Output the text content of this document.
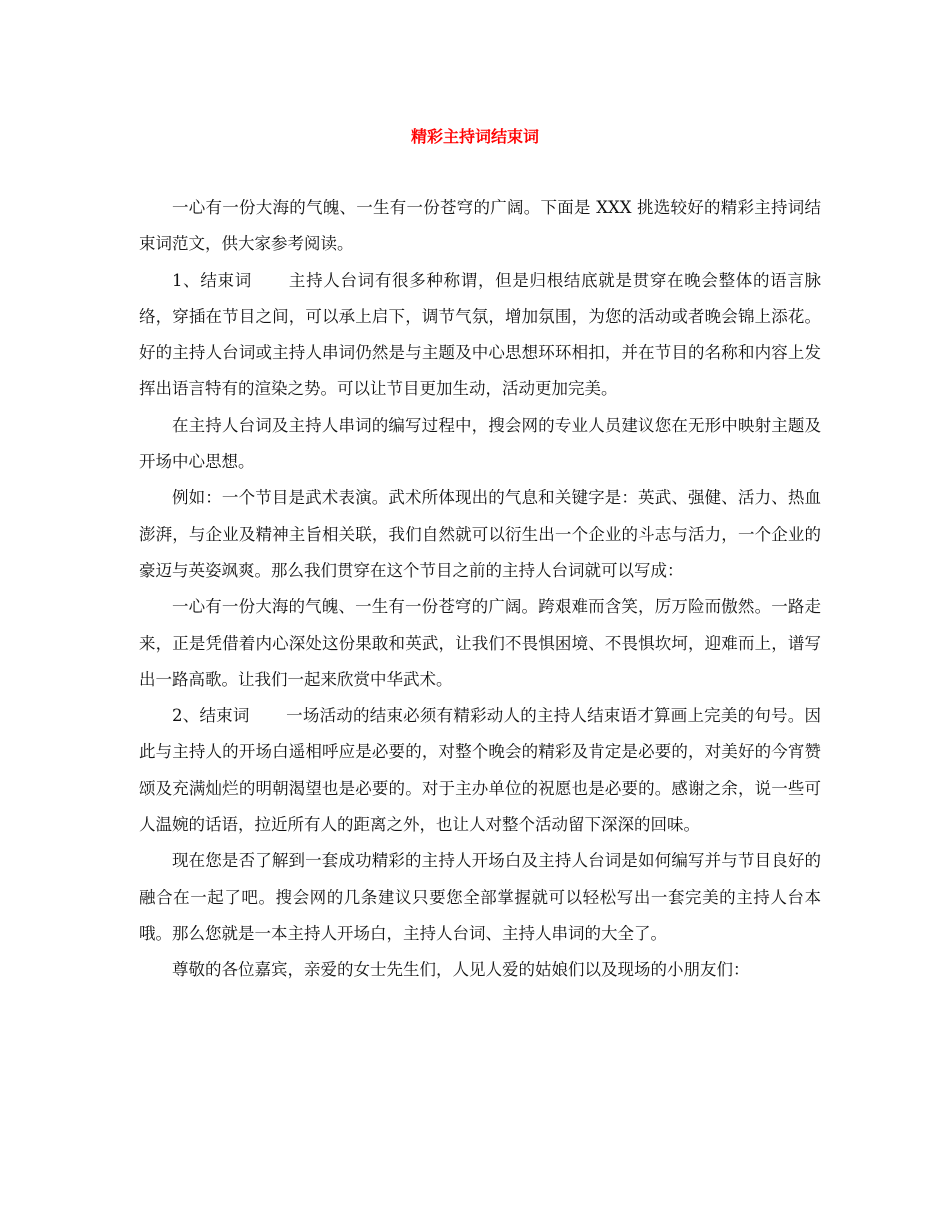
精彩主持词结束词

一心有一份大海的气魄、一生有一份苍穹的广阔。下面是 XXX 挑选较好的精彩主持词结束词范文，供大家参考阅读。

1、结束词 主持人台词有很多种称谓，但是归根结底就是贯穿在晚会整体的语言脉络，穿插在节目之间，可以承上启下，调节气氛，增加氛围，为您的活动或者晚会锦上添花。好的主持人台词或主持人串词仍然是与主题及中心思想环环相扣，并在节目的名称和内容上发挥出语言特有的渲染之势。可以让节目更加生动，活动更加完美。

在主持人台词及主持人串词的编写过程中，搜会网的专业人员建议您在无形中映射主题及开场中心思想。

例如：一个节目是武术表演。武术所体现出的气息和关键字是：英武、强健、活力、热血澎湃，与企业及精神主旨相关联，我们自然就可以衍生出一个企业的斗志与活力，一个企业的豪迈与英姿飒爽。那么我们贯穿在这个节目之前的主持人台词就可以写成：

一心有一份大海的气魄、一生有一份苍穹的广阔。跨艰难而含笑，厉万险而傲然。一路走来，正是凭借着内心深处这份果敢和英武，让我们不畏惧困境、不畏惧坎坷，迎难而上，谱写出一路高歌。让我们一起来欣赏中华武术。

2、结束词 一场活动的结束必须有精彩动人的主持人结束语才算画上完美的句号。因此与主持人的开场白遥相呼应是必要的，对整个晚会的精彩及肯定是必要的，对美好的今宵赞颂及充满灿烂的明朝渴望也是必要的。对于主办单位的祝愿也是必要的。感谢之余，说一些可人温婉的话语，拉近所有人的距离之外，也让人对整个活动留下深深的回味。

现在您是否了解到一套成功精彩的主持人开场白及主持人台词是如何编写并与节目良好的融合在一起了吧。搜会网的几条建议只要您全部掌握就可以轻松写出一套完美的主持人台本哦。那么您就是一本主持人开场白，主持人台词、主持人串词的大全了。

尊敬的各位嘉宾，亲爱的女士先生们，人见人爱的姑娘们以及现场的小朋友们：
